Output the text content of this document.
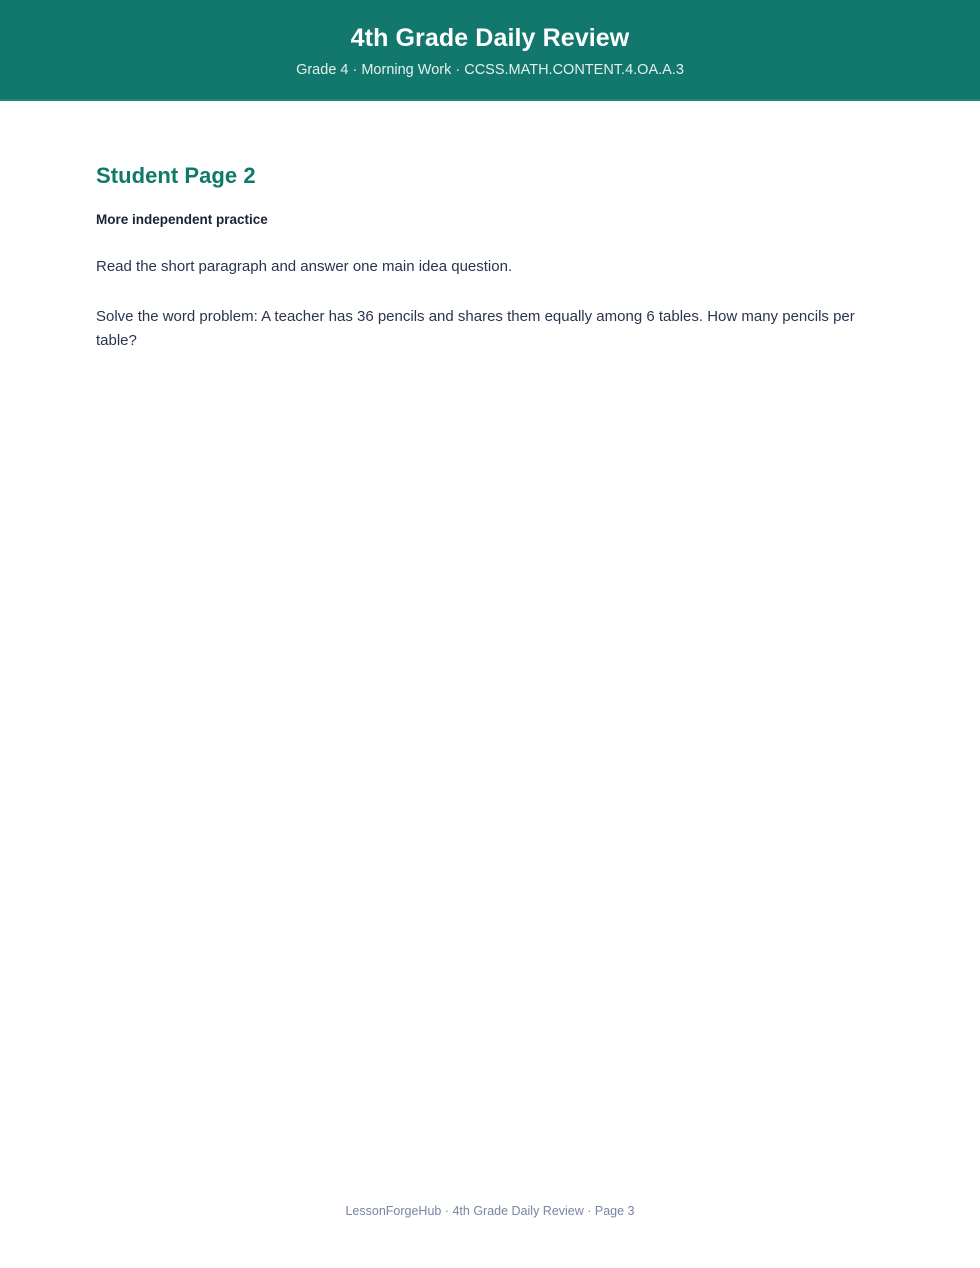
4th Grade Daily Review

Grade 4 · Morning Work · CCSS.MATH.CONTENT.4.OA.A.3

Student Page 2

More independent practice

Read the short paragraph and answer one main idea question.

Solve the word problem: A teacher has 36 pencils and shares them equally among 6 tables. How many pencils per table?

LessonForgeHub · 4th Grade Daily Review · Page 3
